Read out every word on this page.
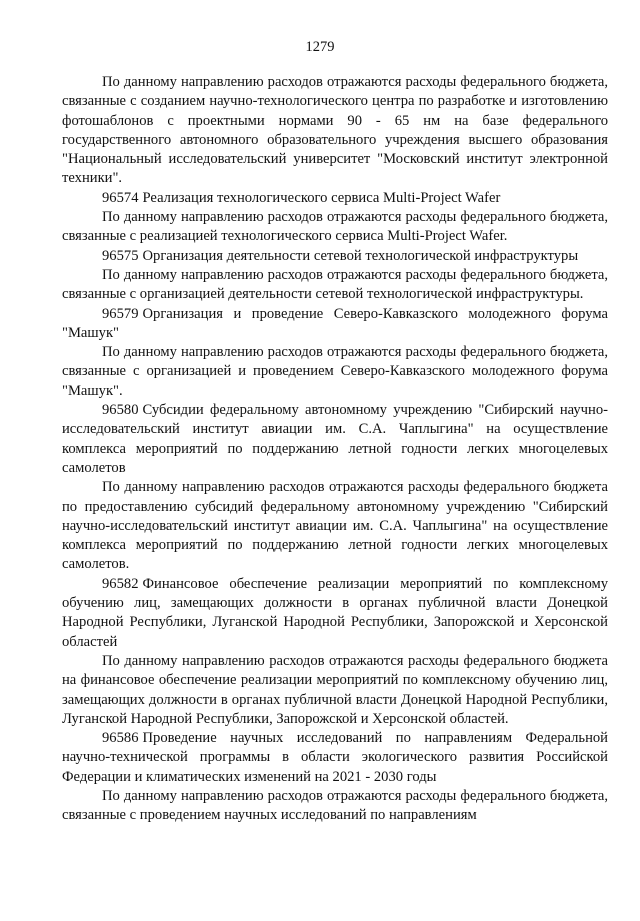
1279

По данному направлению расходов отражаются расходы федерального бюджета, связанные с созданием научно-технологического центра по разработке и изготовлению фотошаблонов с проектными нормами 90 - 65 нм на базе федерального государственного автономного образовательного учреждения высшего образования "Национальный исследовательский университет "Московский институт электронной техники".

96574 Реализация технологического сервиса Multi-Project Wafer

По данному направлению расходов отражаются расходы федерального бюджета, связанные с реализацией технологического сервиса Multi-Project Wafer.

96575 Организация деятельности сетевой технологической инфраструктуры

По данному направлению расходов отражаются расходы федерального бюджета, связанные с организацией деятельности сетевой технологической инфраструктуры.

96579 Организация и проведение Северо-Кавказского молодежного форума "Машук"

По данному направлению расходов отражаются расходы федерального бюджета, связанные с организацией и проведением Северо-Кавказского молодежного форума "Машук".

96580 Субсидии федеральному автономному учреждению "Сибирский научно-исследовательский институт авиации им. С.А. Чаплыгина" на осуществление комплекса мероприятий по поддержанию летной годности легких многоцелевых самолетов

По данному направлению расходов отражаются расходы федерального бюджета по предоставлению субсидий федеральному автономному учреждению "Сибирский научно-исследовательский институт авиации им. С.А. Чаплыгина" на осуществление комплекса мероприятий по поддержанию летной годности легких многоцелевых самолетов.

96582 Финансовое обеспечение реализации мероприятий по комплексному обучению лиц, замещающих должности в органах публичной власти Донецкой Народной Республики, Луганской Народной Республики, Запорожской и Херсонской областей

По данному направлению расходов отражаются расходы федерального бюджета на финансовое обеспечение реализации мероприятий по комплексному обучению лиц, замещающих должности в органах публичной власти Донецкой Народной Республики, Луганской Народной Республики, Запорожской и Херсонской областей.

96586 Проведение научных исследований по направлениям Федеральной научно-технической программы в области экологического развития Российской Федерации и климатических изменений на 2021 - 2030 годы

По данному направлению расходов отражаются расходы федерального бюджета, связанные с проведением научных исследований по направлениям
